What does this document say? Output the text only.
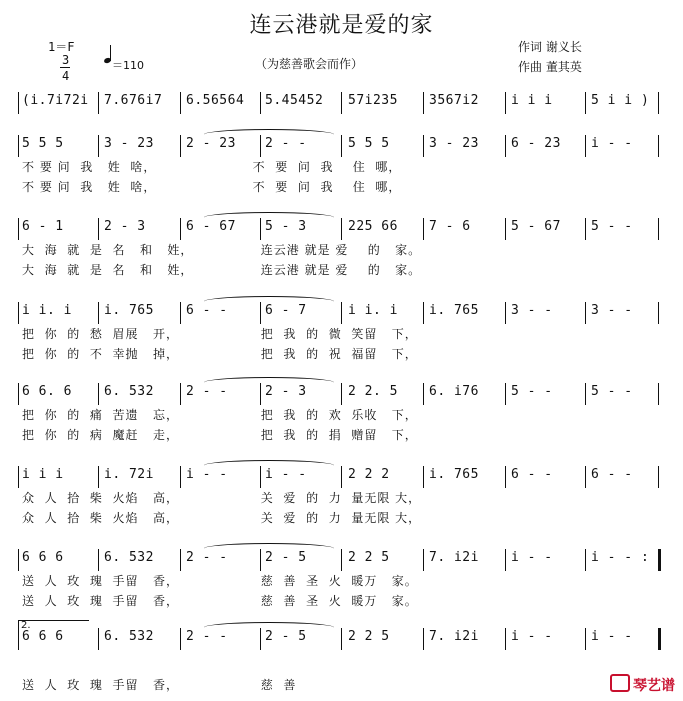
连云港就是爱的家
1＝F
3
4
＝110	（为慈善歌会而作）
作词 谢义长
作曲 董其英
(i.7i72i 7.676i7 6.56564 5.45452 57i235 3567i2 i i i	5 i i )
5 5 5	3 - 23 2 - 23 2 - -	5 5 5	3 - 23 6 - 23 i - -
不 要 问  我   姓  啥，                    不  要  问  我    住  哪，
不 要 问  我   姓  啥，                    不  要  问  我    住  哪，
6 - 1	2 - 3	6 - 67 5 - 3	225 66 7 - 6	5 - 67 5 - -
大  海  就  是  名   和   姓，              连云港 就是 爱    的   家。
大  海  就  是  名   和   姓，              连云港 就是 爱    的   家。
i i. i i. 765 6 - -	6 - 7	i i. i i. 765 3 - -	3 - -
把  你  的  愁  眉展   开，                 把  我  的  微  笑留   下，
把  你  的  不  幸抛   掉，                 把  我  的  祝  福留   下，
6 6. 6 6. 532 2 - -	2 - 3	2 2. 5 6. i76 5 - -	5 - -
把  你  的  痛  苦遗   忘，                 把  我  的  欢  乐收   下，
把  你  的  病  魔赶   走，                 把  我  的  捐  赠留   下，
i i i	i. 72i i - -	i - -	2 2 2	i. 765 6 - -	6 - -
众  人  拾  柴  火焰   高，                 关  爱  的  力  量无限 大，
众  人  拾  柴  火焰   高，                 关  爱  的  力  量无限 大，
6 6 6	6. 532 2 - -	2 - 5	2 2 5	7. i2i i - -	i - - :
送  人  玫  瑰  手留   香，                 慈  善  圣  火  暖万   家。
送  人  玫  瑰  手留   香，                 慈  善  圣  火  暖万   家。
6 6 6	6. 532 2 - -	2 - 5	2 2 5	7. i2i i - -	i - -
2.
送  人  玫  瑰  手留   香，                 慈  善	琴艺谱
